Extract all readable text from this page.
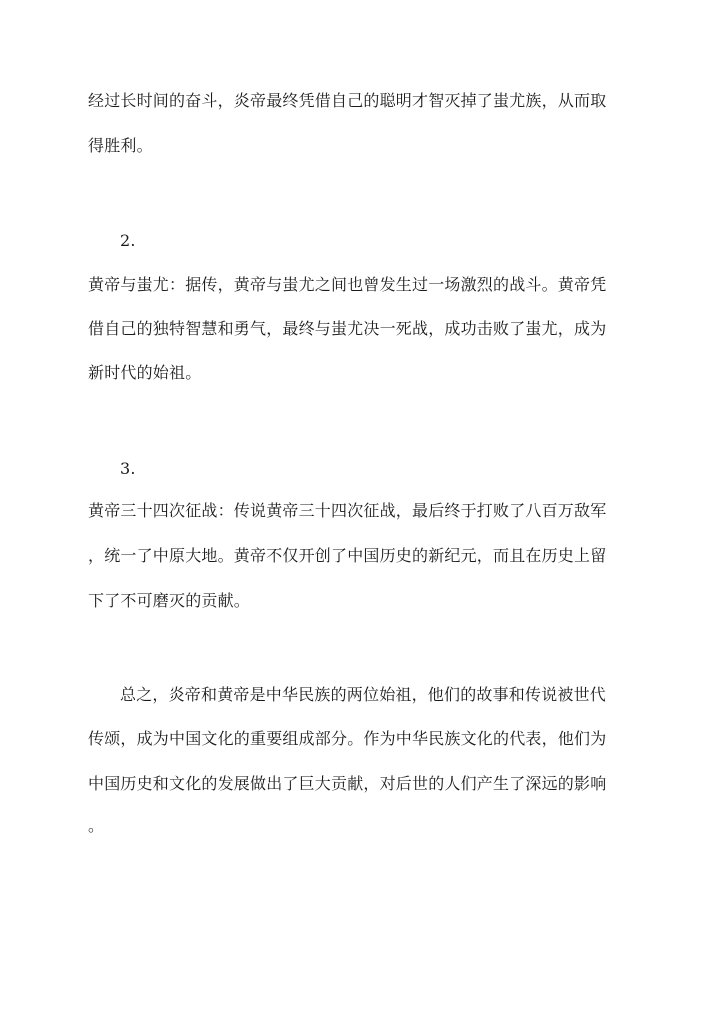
经过长时间的奋斗，炎帝最终凭借自己的聪明才智灭掉了蚩尤族，从而取
得胜利。
2.
黄帝与蚩尤：据传，黄帝与蚩尤之间也曾发生过一场激烈的战斗。黄帝凭
借自己的独特智慧和勇气，最终与蚩尤决一死战，成功击败了蚩尤，成为
新时代的始祖。
3.
黄帝三十四次征战：传说黄帝三十四次征战，最后终于打败了八百万敌军
，统一了中原大地。黄帝不仅开创了中国历史的新纪元，而且在历史上留
下了不可磨灭的贡献。
总之，炎帝和黄帝是中华民族的两位始祖，他们的故事和传说被世代
传颂，成为中国文化的重要组成部分。作为中华民族文化的代表，他们为
中国历史和文化的发展做出了巨大贡献，对后世的人们产生了深远的影响
。
